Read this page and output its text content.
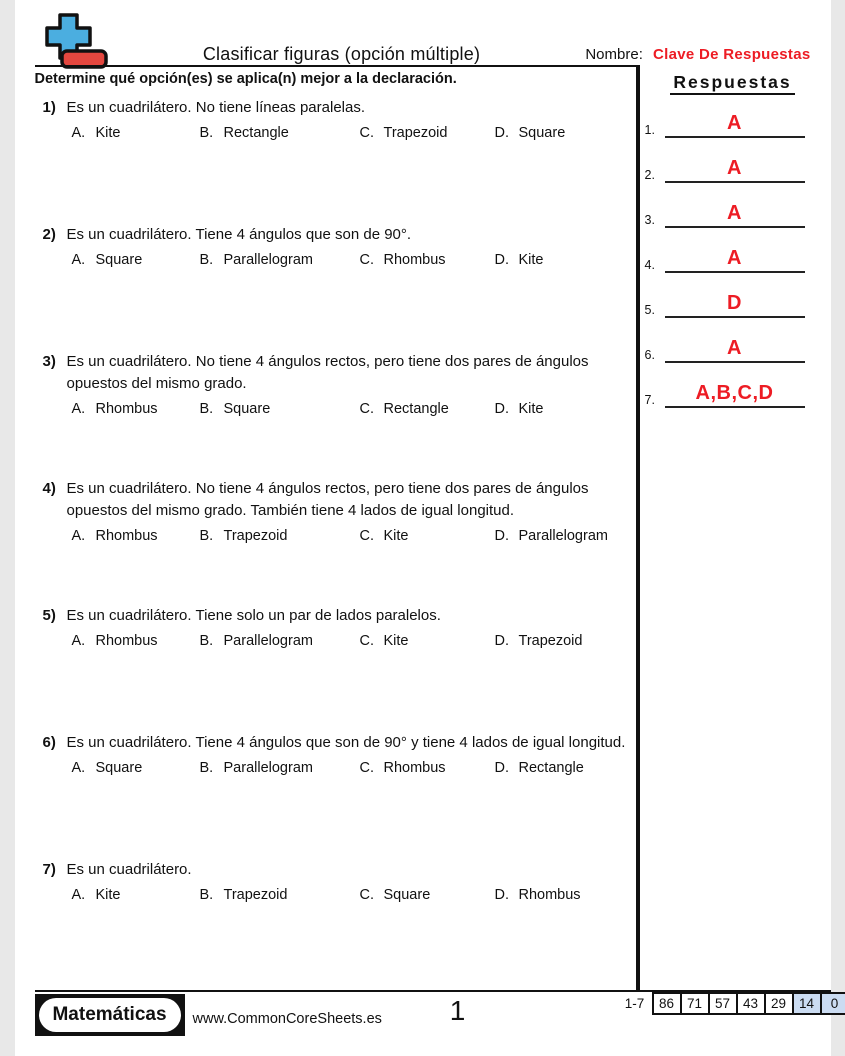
Clasificar figuras (opción múltiple)	Nombre: Clave De Respuestas
Determine qué opción(es) se aplica(n) mejor a la declaración.
1) Es un cuadrilátero. No tiene líneas paralelas.
A. Kite	B. Rectangle	C. Trapezoid	D. Square
2) Es un cuadrilátero. Tiene 4 ángulos que son de 90°.
A. Square	B. Parallelogram	C. Rhombus	D. Kite
3) Es un cuadrilátero. No tiene 4 ángulos rectos, pero tiene dos pares de ángulos opuestos del mismo grado.
A. Rhombus	B. Square	C. Rectangle	D. Kite
4) Es un cuadrilátero. No tiene 4 ángulos rectos, pero tiene dos pares de ángulos opuestos del mismo grado. También tiene 4 lados de igual longitud.
A. Rhombus	B. Trapezoid	C. Kite	D. Parallelogram
5) Es un cuadrilátero. Tiene solo un par de lados paralelos.
A. Rhombus	B. Parallelogram	C. Kite	D. Trapezoid
6) Es un cuadrilátero. Tiene 4 ángulos que son de 90° y tiene 4 lados de igual longitud.
A. Square	B. Parallelogram	C. Rhombus	D. Rectangle
7) Es un cuadrilátero.
A. Kite	B. Trapezoid	C. Square	D. Rhombus
Respuestas
1.	A
2.	A
3.	A
4.	A
5.	D
6.	A
7.	A,B,C,D
Matemáticas	www.CommonCoreSheets.es	1	1-7	86 71 57 43 29 14	0
